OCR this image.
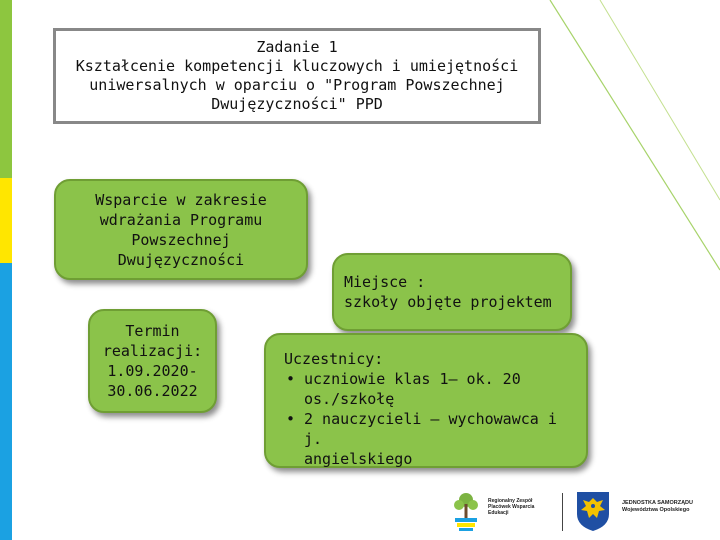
Zadanie 1
Kształcenie kompetencji kluczowych i umiejętności
uniwersalnych w oparciu o "Program Powszechnej
Dwujęzyczności" PPD
Wsparcie w zakresie
wdrażania Programu
Powszechnej
Dwujęzyczności
Miejsce :
szkoły objęte projektem
Termin
realizacji:
1.09.2020-
30.06.2022
Uczestnicy:
• uczniowie klas 1– ok. 20
os./szkołę
• 2 nauczycieli – wychowawca i j.
angielskiego
Regionalny Zespół
Placówek Wsparcia
Edukacji
JEDNOSTKA SAMORZĄDU
Województwa Opolskiego
